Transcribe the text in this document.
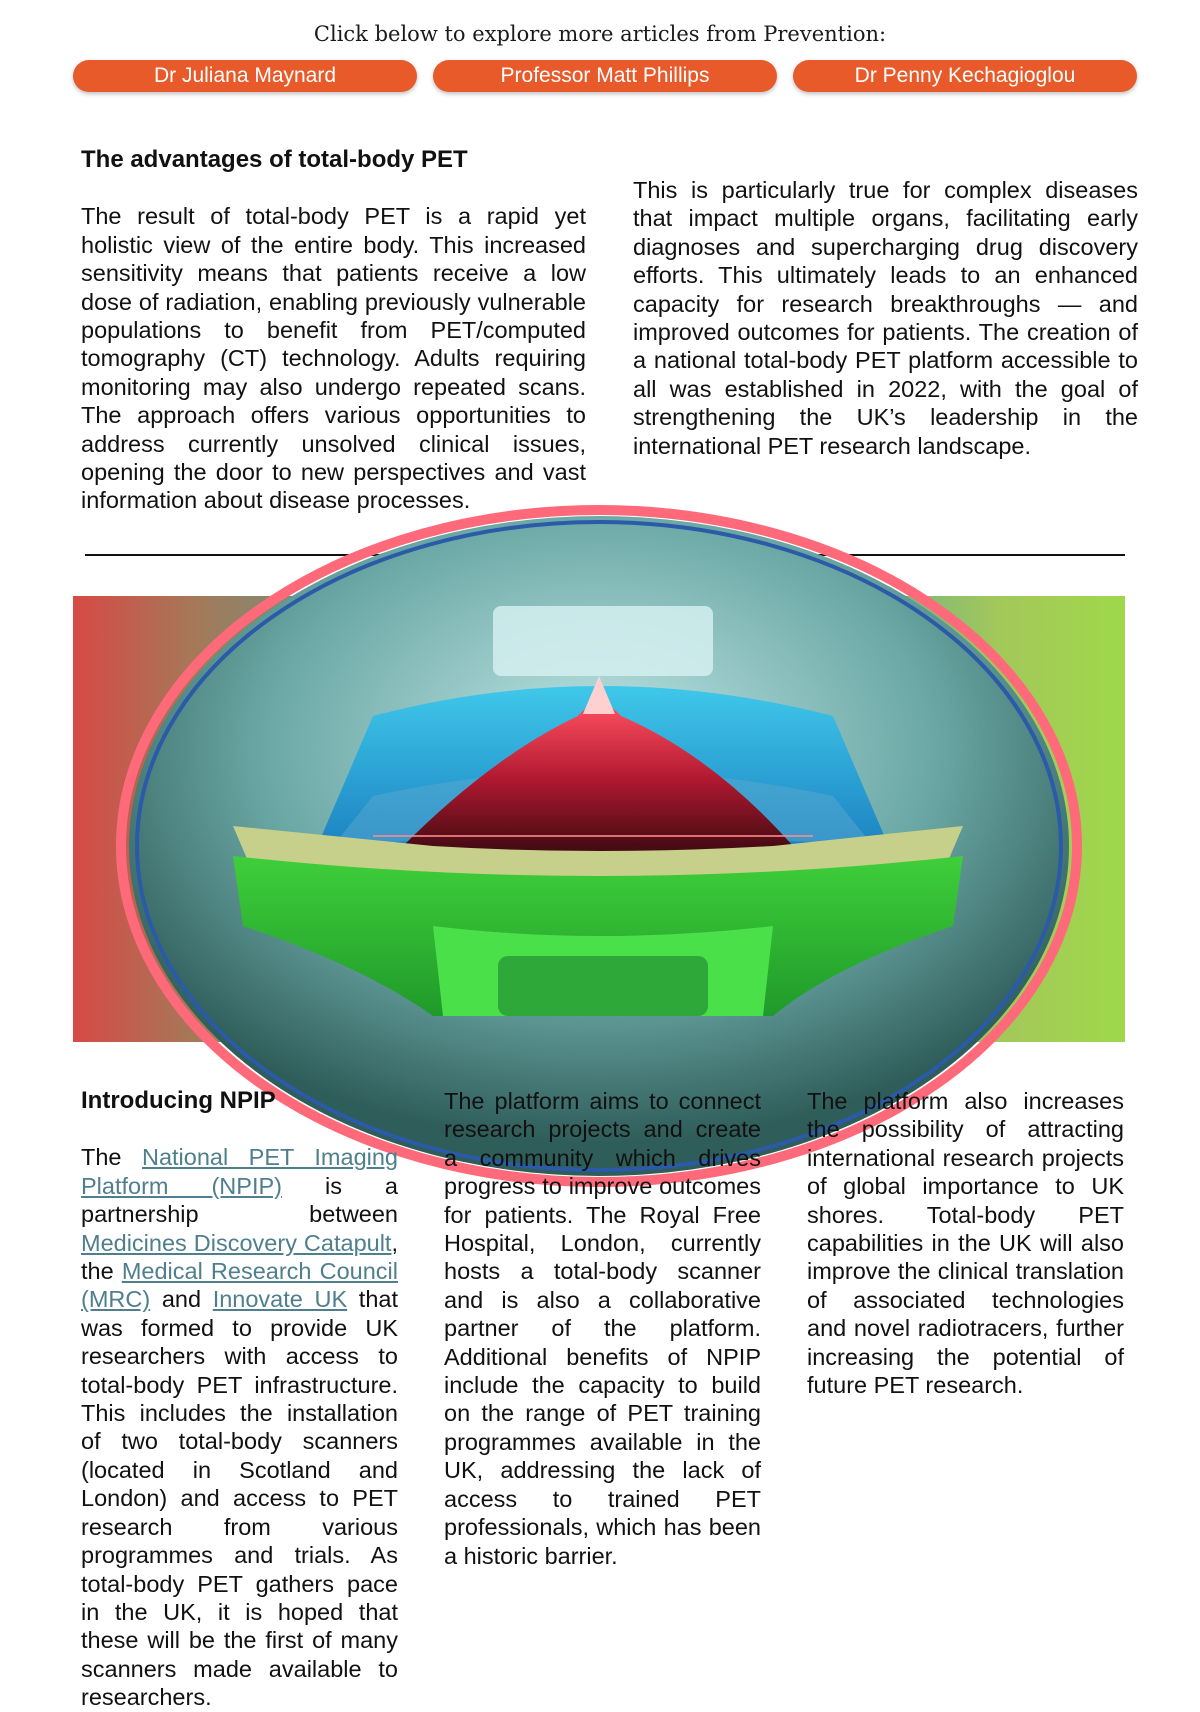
Click below to explore more articles from Prevention:
Dr Juliana Maynard	Professor Matt Phillips	Dr Penny Kechagioglou
The advantages of total-body PET

The result of total-body PET is a rapid yet holistic view of the entire body. This increased sensitivity means that patients receive a low dose of radiation, enabling previously vulnerable populations to benefit from PET/computed tomography (CT) technology. Adults requiring monitoring may also undergo repeated scans. The approach offers various opportunities to address currently unsolved clinical issues, opening the door to new perspectives and vast information about disease processes.

This is particularly true for complex diseases that impact multiple organs, facilitating early diagnoses and supercharging drug discovery efforts. This ultimately leads to an enhanced capacity for research breakthroughs — and improved outcomes for patients. The creation of a national total-body PET platform accessible to all was established in 2022, with the goal of strengthening the UK’s leadership in the international PET research landscape.

Introducing NPIP

The National PET Imaging Platform (NPIP) is a partnership between Medicines Discovery Catapult, the Medical Research Council (MRC) and Innovate UK that was formed to provide UK researchers with access to total-body PET infrastructure. This includes the installation of two total-body scanners (located in Scotland and London) and access to PET research from various programmes and trials. As total-body PET gathers pace in the UK, it is hoped that these will be the first of many scanners made available to researchers.

The platform aims to connect research projects and create a community which drives progress to improve outcomes for patients. The Royal Free Hospital, London, currently hosts a total-body scanner and is also a collaborative partner of the platform. Additional benefits of NPIP include the capacity to build on the range of PET training programmes available in the UK, addressing the lack of access to trained PET professionals, which has been a historic barrier.

The platform also increases the possibility of attracting international research projects of global importance to UK shores. Total-body PET capabilities in the UK will also improve the clinical translation of associated technologies and novel radiotracers, further increasing the potential of future PET research.
